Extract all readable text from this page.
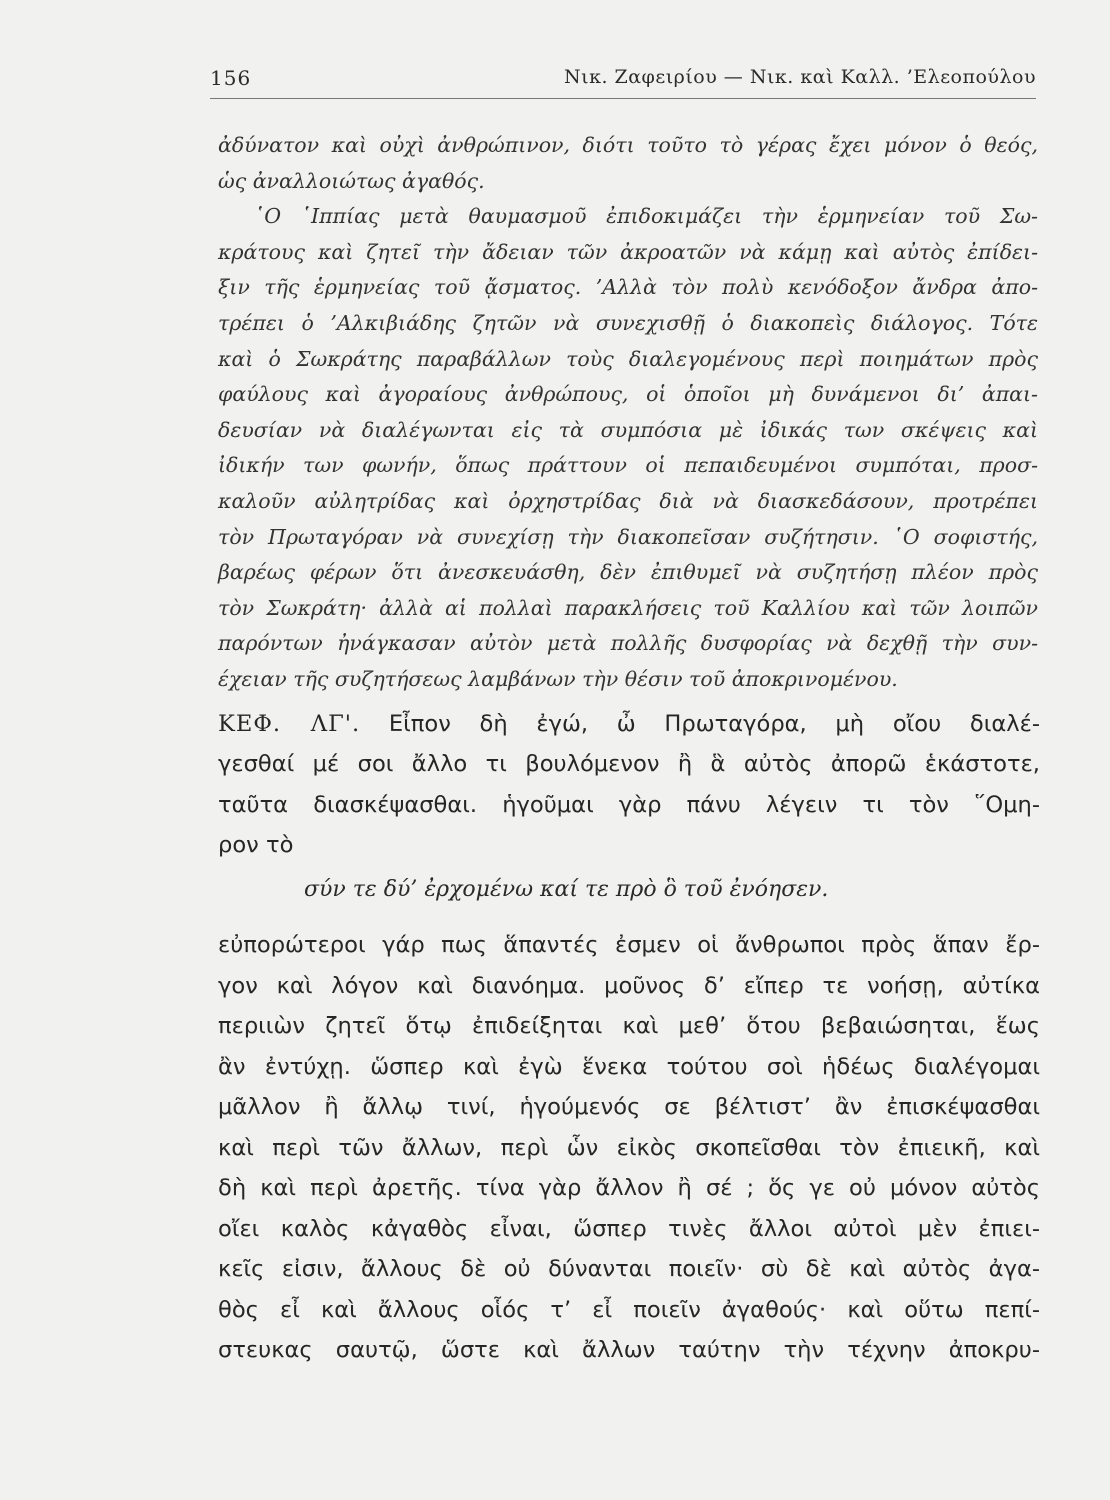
156	Νικ. Ζαφειρίου — Νικ. καὶ Καλλ. ’Ελεοπούλου
ἀδύνατον καὶ οὐχὶ ἀνθρώπινον, διότι τοῦτο τὸ γέρας ἔχει μόνον ὁ θεός,
ὡς ἀναλλοιώτως ἀγαθός.
῾Ο ῾Ιππίας μετὰ θαυμασμοῦ ἐπιδοκιμάζει τὴν ἑρμηνείαν τοῦ Σω-
κράτους καὶ ζητεῖ τὴν ἄδειαν τῶν ἀκροατῶν νὰ κάμῃ καὶ αὐτὸς ἐπίδει-
ξιν τῆς ἑρμηνείας τοῦ ᾄσματος. ’Αλλὰ τὸν πολὺ κενόδοξον ἄνδρα ἀπο-
τρέπει ὁ ’Αλκιβιάδης ζητῶν νὰ συνεχισθῇ ὁ διακοπεὶς διάλογος. Τότε
καὶ ὁ Σωκράτης παραβάλλων τοὺς διαλεγομένους περὶ ποιημάτων πρὸς
φαύλους καὶ ἀγοραίους ἀνθρώπους, οἱ ὁποῖοι μὴ δυνάμενοι δι’ ἀπαι-
δευσίαν νὰ διαλέγωνται εἰς τὰ συμπόσια μὲ ἰδικάς των σκέψεις καὶ
ἰδικήν των φωνήν, ὅπως πράττουν οἱ πεπαιδευμένοι συμπόται, προσ-
καλοῦν αὐλητρίδας καὶ ὀρχηστρίδας διὰ νὰ διασκεδάσουν, προτρέπει
τὸν Πρωταγόραν νὰ συνεχίσῃ τὴν διακοπεῖσαν συζήτησιν. ῾Ο σοφιστής,
βαρέως φέρων ὅτι ἀνεσκευάσθη, δὲν ἐπιθυμεῖ νὰ συζητήσῃ πλέον πρὸς
τὸν Σωκράτη· ἀλλὰ αἱ πολλαὶ παρακλήσεις τοῦ Καλλίου καὶ τῶν λοιπῶν
παρόντων ἠνάγκασαν αὐτὸν μετὰ πολλῆς δυσφορίας νὰ δεχθῇ τὴν συν-
έχειαν τῆς συζητήσεως λαμβάνων τὴν θέσιν τοῦ ἀποκρινομένου.
ΚΕΦ. ΛΓ'. Εἶπον δὴ ἐγώ, ὦ Πρωταγόρα, μὴ οἴου διαλέ-
γεσθαί μέ σοι ἄλλο τι βουλόμενον ἢ ἃ αὐτὸς ἀπορῶ ἑκάστοτε,
ταῦτα διασκέψασθαι. ἡγοῦμαι γὰρ πάνυ λέγειν τι τὸν ῞Ομη-
ρον τὸ
σύν τε δύ’ ἐρχομένω καί τε πρὸ ὃ τοῦ ἐνόησεν.
εὐπορώτεροι γάρ πως ἅπαντές ἐσμεν οἱ ἄνθρωποι πρὸς ἅπαν ἔρ-
γον καὶ λόγον καὶ διανόημα. μοῦνος δ’ εἴπερ τε νοήσῃ, αὐτίκα
περιιὼν ζητεῖ ὅτῳ ἐπιδείξηται καὶ μεθ’ ὅτου βεβαιώσηται, ἕως
ἂν ἐντύχῃ. ὥσπερ καὶ ἐγὼ ἕνεκα τούτου σοὶ ἡδέως διαλέγομαι
μᾶλλον ἢ ἄλλῳ τινί, ἡγούμενός σε βέλτιστ’ ἂν ἐπισκέψασθαι
καὶ περὶ τῶν ἄλλων, περὶ ὧν εἰκὸς σκοπεῖσθαι τὸν ἐπιεικῆ, καὶ
δὴ καὶ περὶ ἀρετῆς. τίνα γὰρ ἄλλον ἢ σέ ; ὅς γε οὐ μόνον αὐτὸς
οἴει καλὸς κἀγαθὸς εἶναι, ὥσπερ τινὲς ἄλλοι αὐτοὶ μὲν ἐπιει-
κεῖς εἰσιν, ἄλλους δὲ οὐ δύνανται ποιεῖν· σὺ δὲ καὶ αὐτὸς ἀγα-
θὸς εἶ καὶ ἄλλους οἷός τ’ εἶ ποιεῖν ἀγαθούς· καὶ οὕτω πεπί-
στευκας σαυτῷ, ὥστε καὶ ἄλλων ταύτην τὴν τέχνην ἀποκρυ-
